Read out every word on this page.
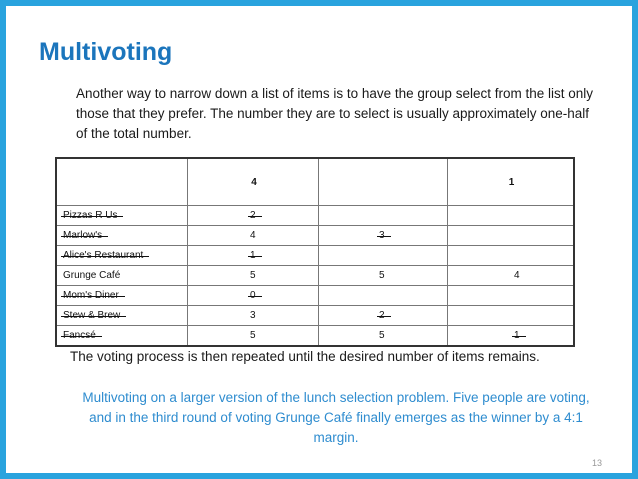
Multivoting
Another way to narrow down a list of items is to have the group select from the list only those that they prefer. The number they are to select is usually approximately one-half of the total number.
	4		1
Pizzas R Us	2		
Marlow's	4	3	
Alice's Restaurant	1		
Grunge Café	5	5	4
Mom's Diner	0		
Stew & Brew	3	2	
Fancsé	5	5	1
The voting process is then repeated until the desired number of items remains.
Multivoting on a larger version of the lunch selection problem. Five people are voting, and in the third round of voting Grunge Café finally emerges as the winner by a 4:1 margin.
13
